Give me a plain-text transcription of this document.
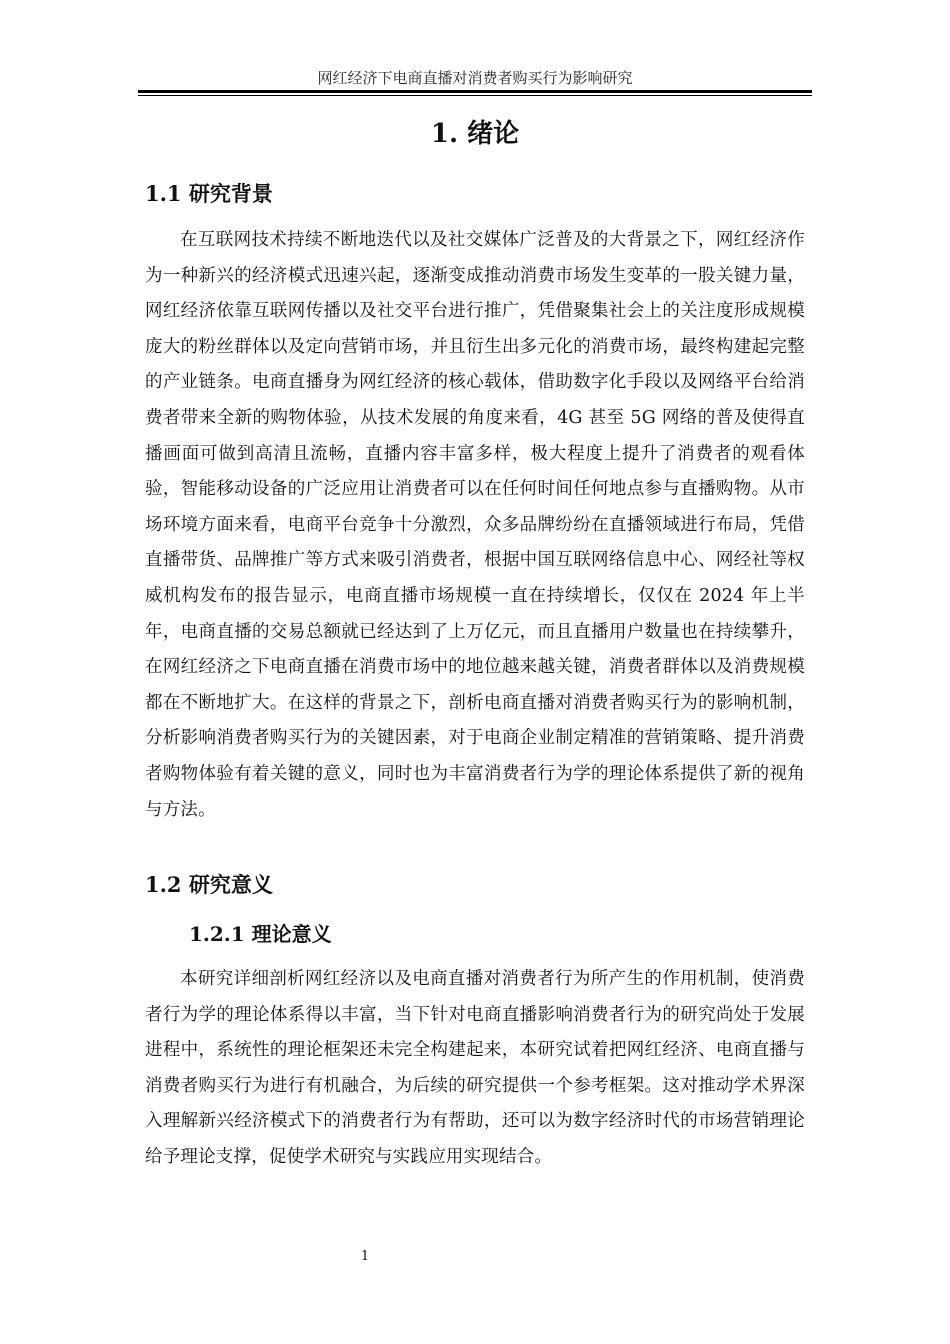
网红经济下电商直播对消费者购买行为影响研究
1. 绪论
1.1 研究背景

在互联网技术持续不断地迭代以及社交媒体广泛普及的大背景之下，网红经济作为一种新兴的经济模式迅速兴起，逐渐变成推动消费市场发生变革的一股关键力量，网红经济依靠互联网传播以及社交平台进行推广，凭借聚集社会上的关注度形成规模庞大的粉丝群体以及定向营销市场，并且衍生出多元化的消费市场，最终构建起完整的产业链条。电商直播身为网红经济的核心载体，借助数字化手段以及网络平台给消费者带来全新的购物体验，从技术发展的角度来看，4G 甚至 5G 网络的普及使得直播画面可做到高清且流畅，直播内容丰富多样，极大程度上提升了消费者的观看体验，智能移动设备的广泛应用让消费者可以在任何时间任何地点参与直播购物。从市场环境方面来看，电商平台竞争十分激烈，众多品牌纷纷在直播领域进行布局，凭借直播带货、品牌推广等方式来吸引消费者，根据中国互联网络信息中心、网经社等权威机构发布的报告显示，电商直播市场规模一直在持续增长，仅仅在 2024 年上半年，电商直播的交易总额就已经达到了上万亿元，而且直播用户数量也在持续攀升，在网红经济之下电商直播在消费市场中的地位越来越关键，消费者群体以及消费规模都在不断地扩大。在这样的背景之下，剖析电商直播对消费者购买行为的影响机制，分析影响消费者购买行为的关键因素，对于电商企业制定精准的营销策略、提升消费者购物体验有着关键的意义，同时也为丰富消费者行为学的理论体系提供了新的视角与方法。

1.2 研究意义
1.2.1 理论意义

本研究详细剖析网红经济以及电商直播对消费者行为所产生的作用机制，使消费者行为学的理论体系得以丰富，当下针对电商直播影响消费者行为的研究尚处于发展进程中，系统性的理论框架还未完全构建起来，本研究试着把网红经济、电商直播与消费者购买行为进行有机融合，为后续的研究提供一个参考框架。这对推动学术界深入理解新兴经济模式下的消费者行为有帮助，还可以为数字经济时代的市场营销理论给予理论支撑，促使学术研究与实践应用实现结合。

1
